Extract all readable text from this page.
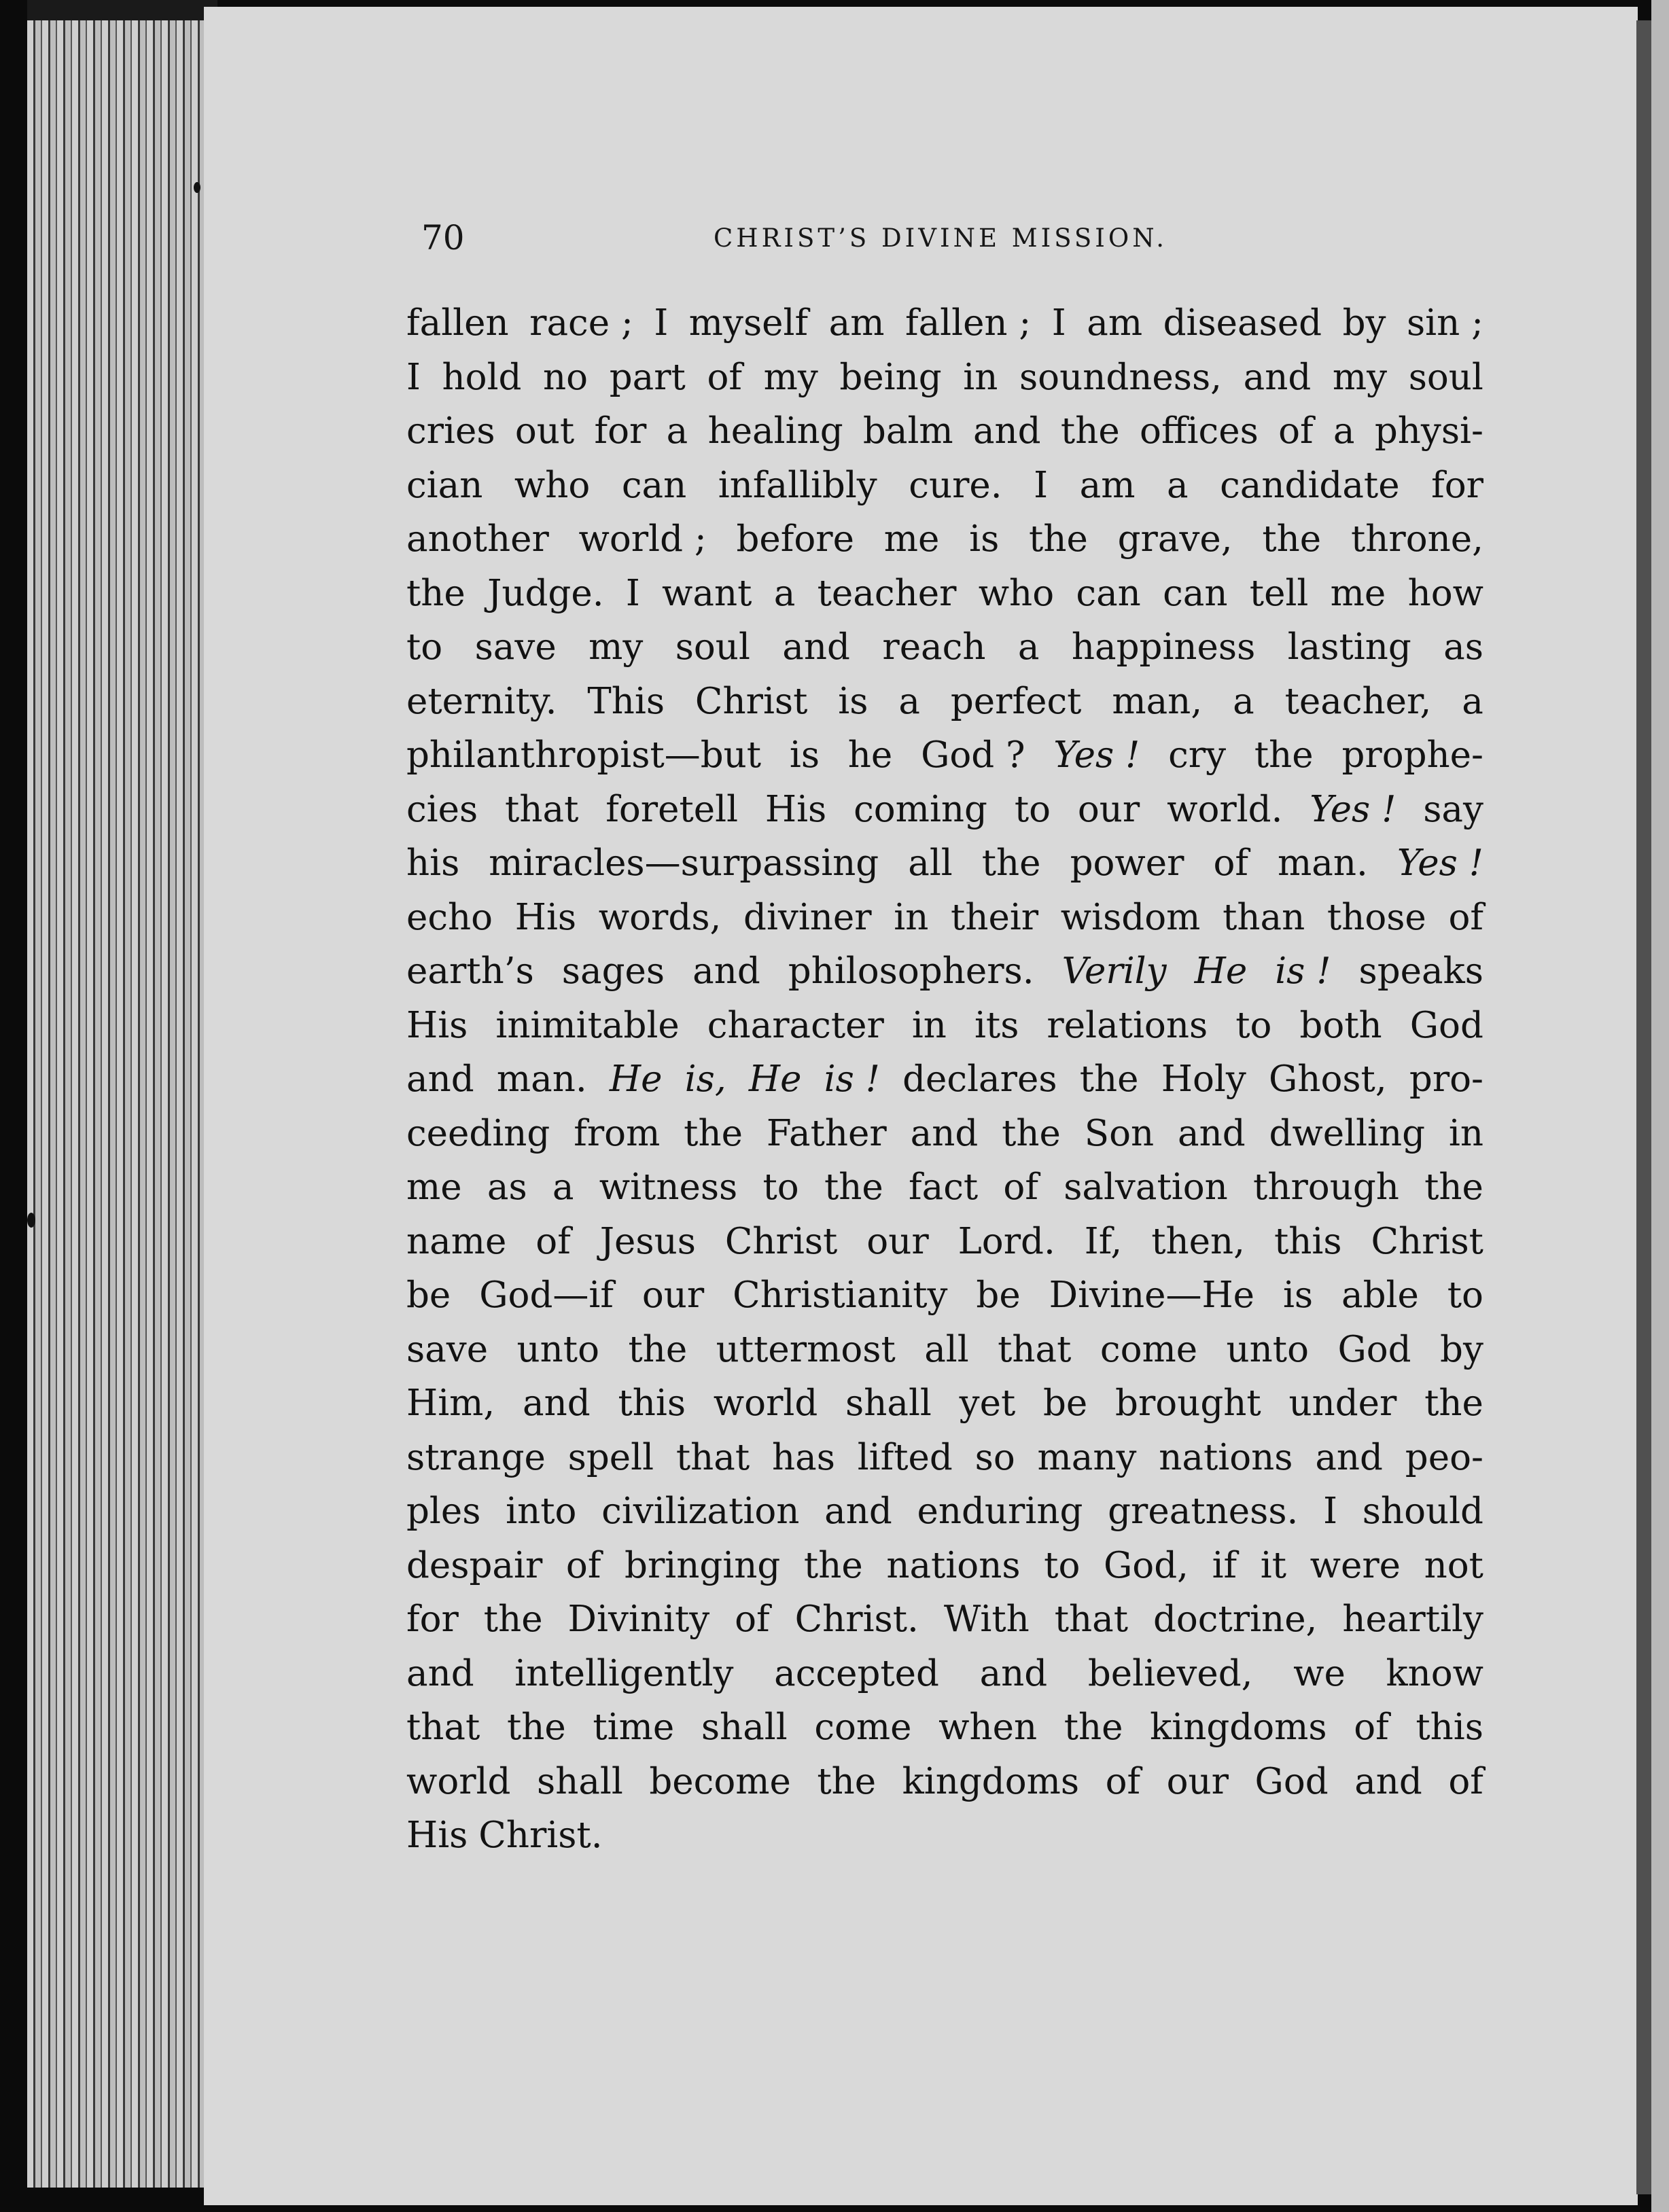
70	CHRIST’S DIVINE MISSION.
fallen race ; I myself am fallen ; I am diseased by sin ;
I hold no part of my being in soundness, and my soul
cries out for a healing balm and the offices of a physi-
cian who can infallibly cure. I am a candidate for
another world ; before me is the grave, the throne,
the Judge. I want a teacher who can can tell me how
to save my soul and reach a happiness lasting as
eternity. This Christ is a perfect man, a teacher, a
philanthropist—but is he God ? Yes ! cry the prophe-
cies that foretell His coming to our world. Yes ! say
his miracles—surpassing all the power of man. Yes !
echo His words, diviner in their wisdom than those of
earth’s sages and philosophers. Verily He is ! speaks
His inimitable character in its relations to both God
and man. He is, He is ! declares the Holy Ghost, pro-
ceeding from the Father and the Son and dwelling in
me as a witness to the fact of salvation through the
name of Jesus Christ our Lord. If, then, this Christ
be God—if our Christianity be Divine—He is able to
save unto the uttermost all that come unto God by
Him, and this world shall yet be brought under the
strange spell that has lifted so many nations and peo-
ples into civilization and enduring greatness. I should
despair of bringing the nations to God, if it were not
for the Divinity of Christ. With that doctrine, heartily
and intelligently accepted and believed, we know
that the time shall come when the kingdoms of this
world shall become the kingdoms of our God and of
His Christ.
